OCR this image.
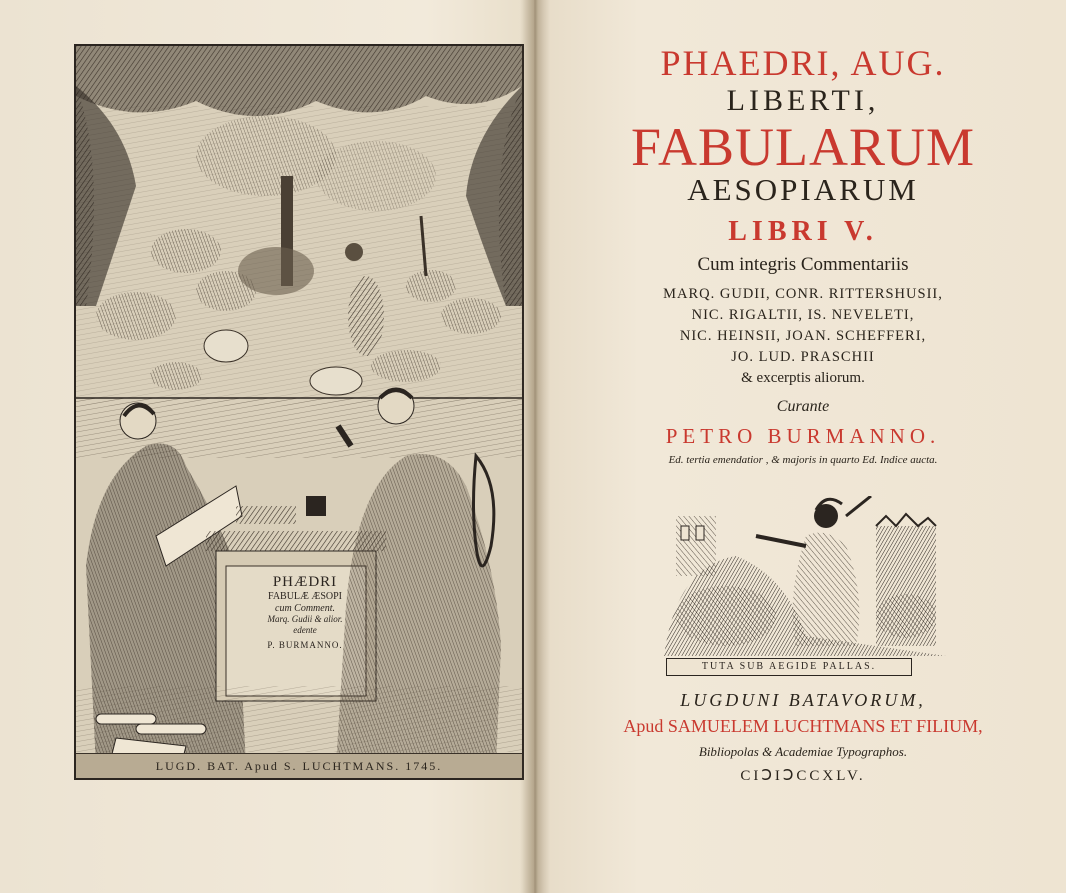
PHÆDRI
FABULÆ ÆSOPI
cum Comment.
Marq. Gudii & alior.
edente
P. BURMANNO.
LUGD. BAT. Apud S. LUCHTMANS. 1745.
PHAEDRI, AUG.
LIBERTI,
FABULARUM
AESOPIARUM
LIBRI V.
Cum integris Commentariis
MARQ. GUDII, CONR. RITTERSHUSII,
NIC. RIGALTII, IS. NEVELETI,
NIC. HEINSII, JOAN. SCHEFFERI,
JO. LUD. PRASCHII
& excerptis aliorum.
Curante
PETRO BURMANNO.
Ed. tertia emendatior , & majoris in quarto Ed. Indice aucta.
TUTA SUB AEGIDE PALLAS.
LUGDUNI BATAVORUM,
Apud SAMUELEM LUCHTMANS ET FILIUM,
Bibliopolas & Academiae Typographos.
CIↃIↃCCXLV.
